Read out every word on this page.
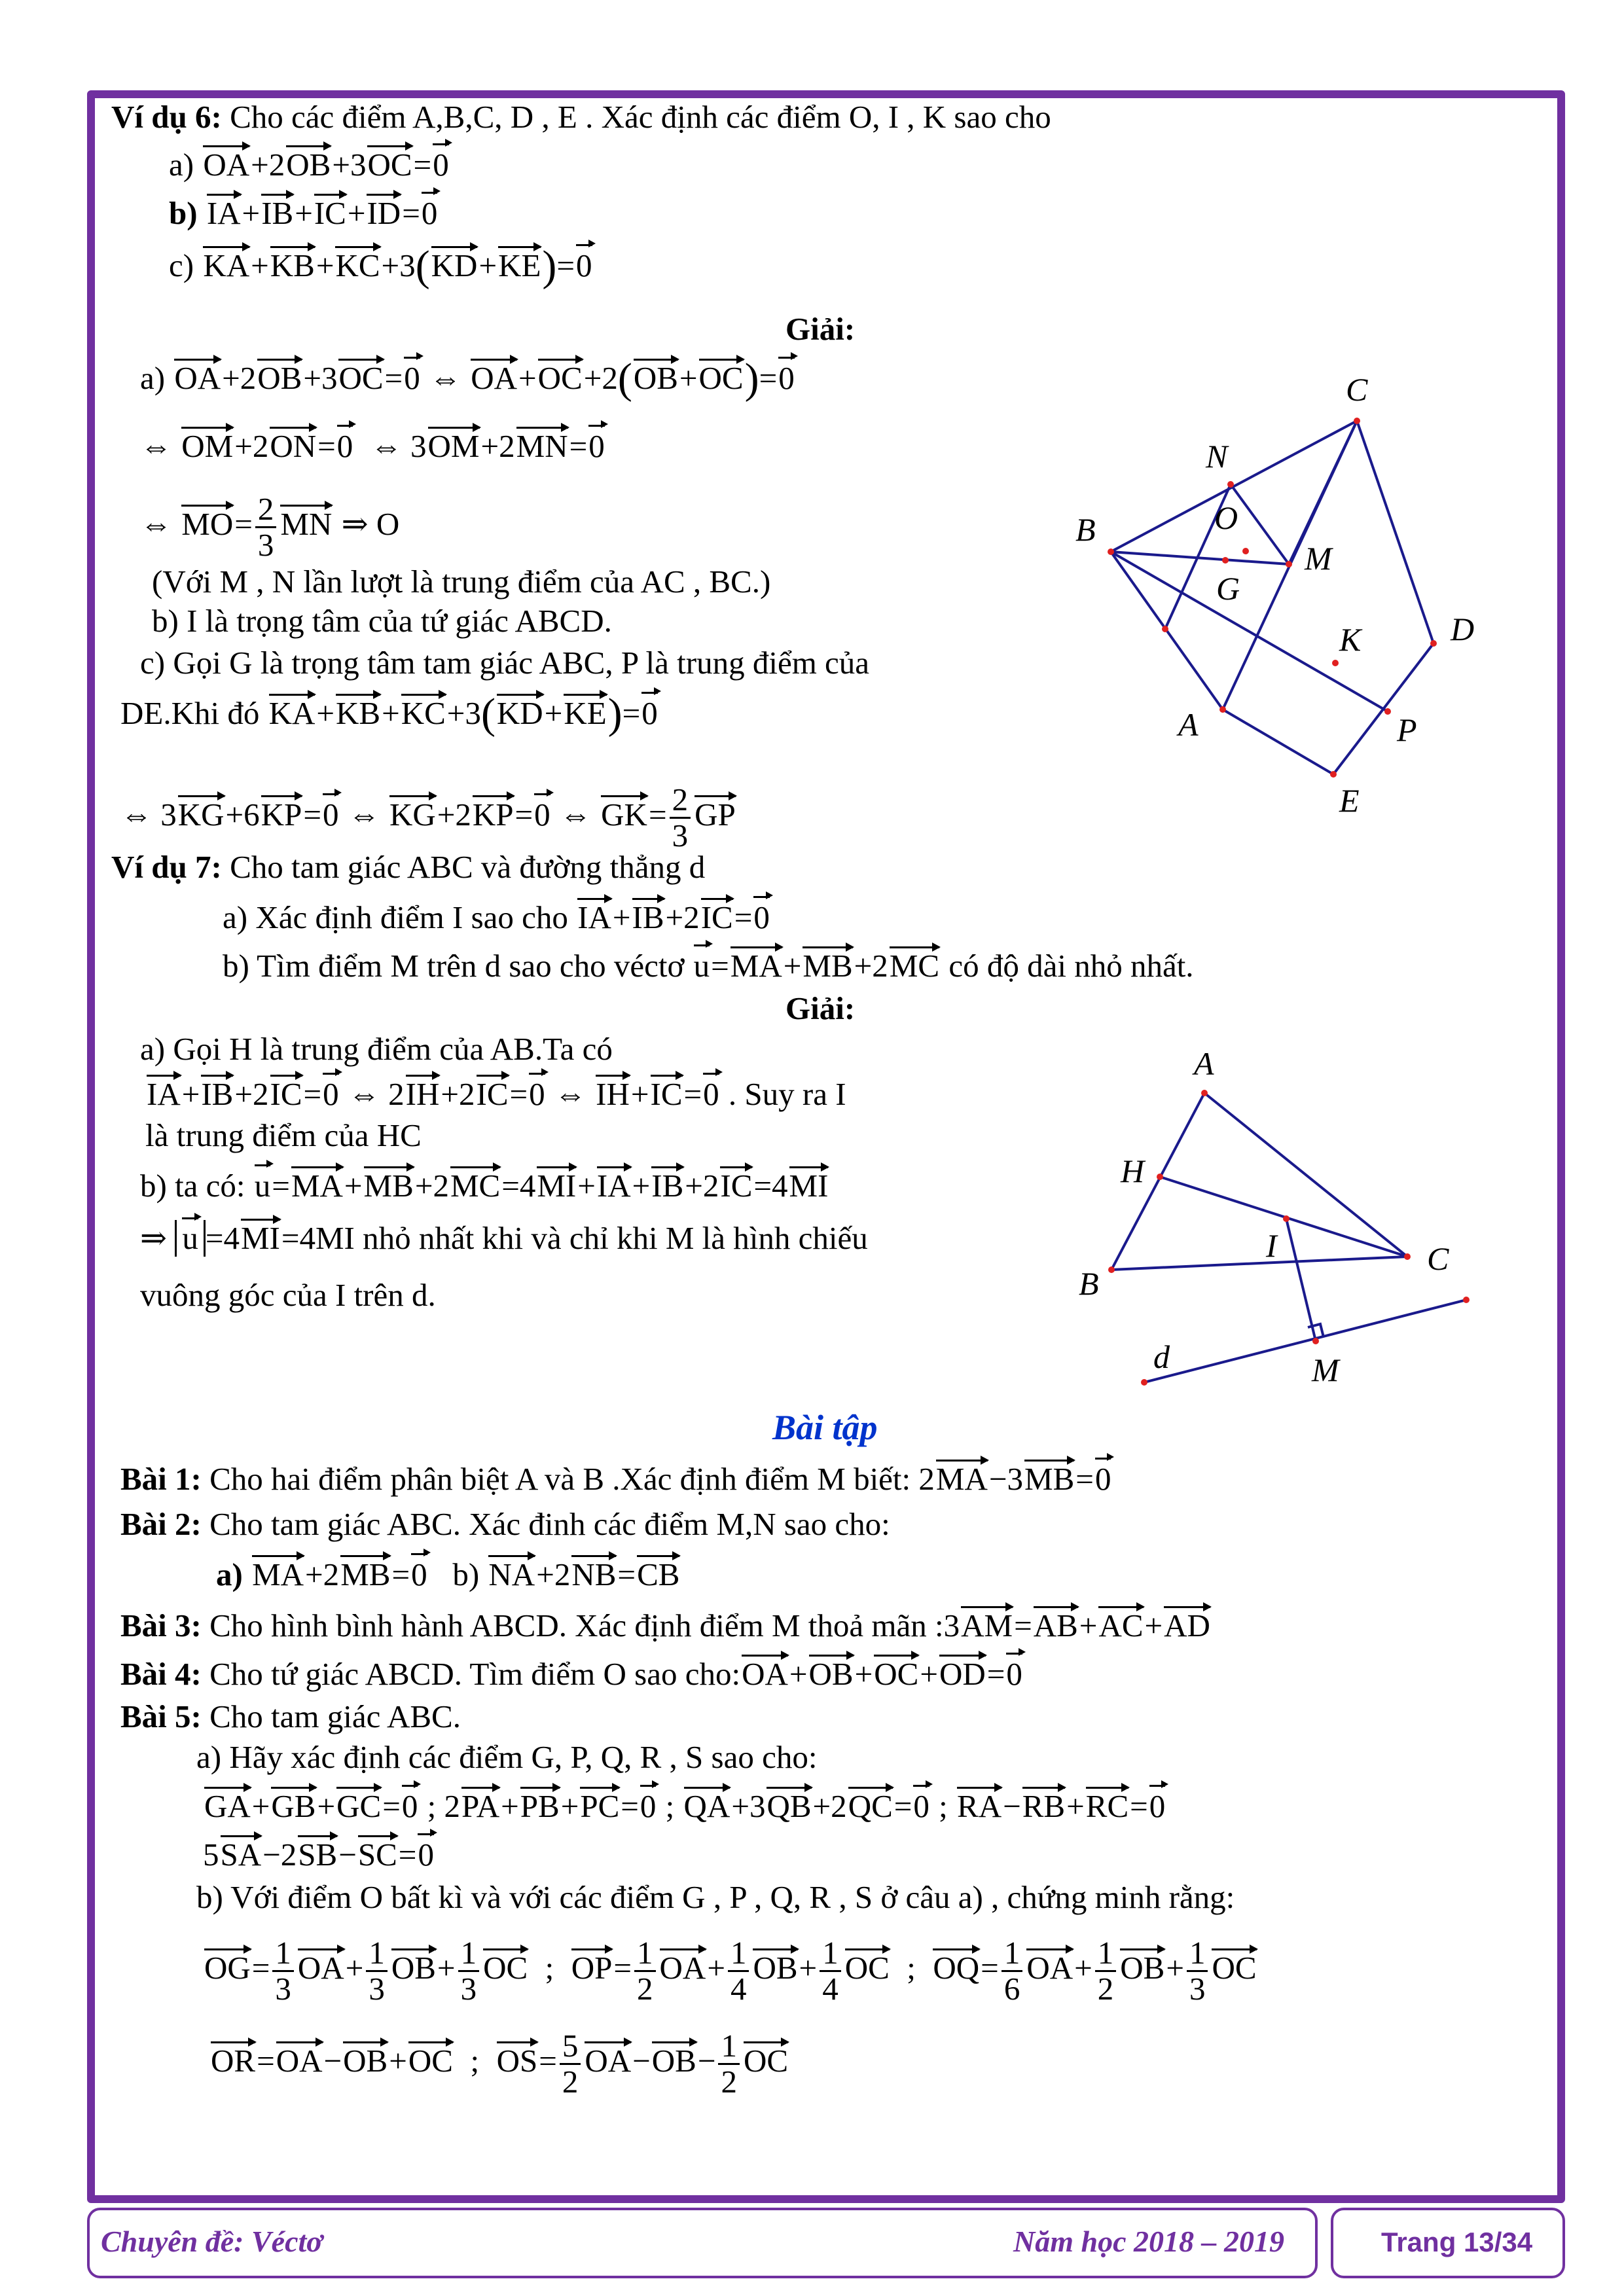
Ví dụ 6: Cho các điểm A,B,C, D , E . Xác định các điểm O, I , K sao cho
a) OA+2OB+3OC=0
b) IA+IB+IC+ID=0
c) KA+KB+KC+3(KD+KE)=0
Giải:
a) OA+2OB+3OC=0 ⇔ OA+OC+2(OB+OC)=0
⇔ OM+2ON=0  ⇔ 3OM+2MN=0
⇔ $MO= \frac{2}{3}$ MN ⇒ O
(Với M , N lần lượt là trung điểm của AC , BC.)
b) I là trọng tâm của tứ giác ABCD.
c) Gọi G là trọng tâm tam giác ABC, P là trung điểm của
DE.Khi đó KA+KB+KC+3(KD+KE)=0
⇔ 3KG+6KP=0 ⇔ KG+2KP=0 ⇔ $GK= \frac{2}{3}$ GP
C
N
O
B
M
G
K	D
A	P
E
Ví dụ 7: Cho tam giác ABC và đường thẳng d
a) Xác định điểm I sao cho IA+IB+2IC=0
b) Tìm điểm M trên d sao cho véctơ u=MA+MB+2MC có độ dài nhỏ nhất.
Giải:
a) Gọi H là trung điểm của AB.Ta có
IA+IB+2IC=0 ⇔ 2IH+2IC=0 ⇔ IH+IC=0 . Suy ra I
là trung điểm của HC
b) ta có: u=MA+MB+2MC=4MI+IA+IB+2IC=4MI
⇒ u =4MI=4MI nhỏ nhất khi và chỉ khi M là hình chiếu
vuông góc của I trên d.
A
H
I	C
B
d	M
Bài tập
Bài 1: Cho hai điểm phân biệt A và B .Xác định điểm M biết: 2MA−3MB=0
Bài 2: Cho tam giác ABC. Xác đinh các điểm M,N sao cho:
a) MA+2MB=0 b) NA+2NB=CB
Bài 3: Cho hình bình hành ABCD. Xác định điểm M thoả mãn :3AM=AB+AC+AD
Bài 4: Cho tứ giác ABCD. Tìm điểm O sao cho:OA+OB+OC+OD=0
Bài 5: Cho tam giác ABC.
a) Hãy xác định các điểm G, P, Q, R , S sao cho:
GA+GB+GC=0 ; 2PA+PB+PC=0 ; QA+3QB+2QC=0 ; RA−RB+RC=0
5SA−2SB−SC=0
b) Với điểm O bất kì và với các điểm G , P , Q, R , S ở câu a) , chứng minh rằng:
$OG= \frac{1}{3} OA+ \frac{1}{3} OB+ \frac{1}{3}$ OC  ;  $OP= \frac{1}{2} OA+ \frac{1}{4} OB+ \frac{1}{4}$ OC  ;  $OQ= \frac{1}{6} OA+ \frac{1}{2} OB+ \frac{1}{3}$ OC
OR=OA−OB+OC  ;  $OS= \frac{5}{2} OA-OB- \frac{1}{2}$ OC
Chuyên đề: Véctơ	Năm học 2018 – 2019	Trang 13/34
